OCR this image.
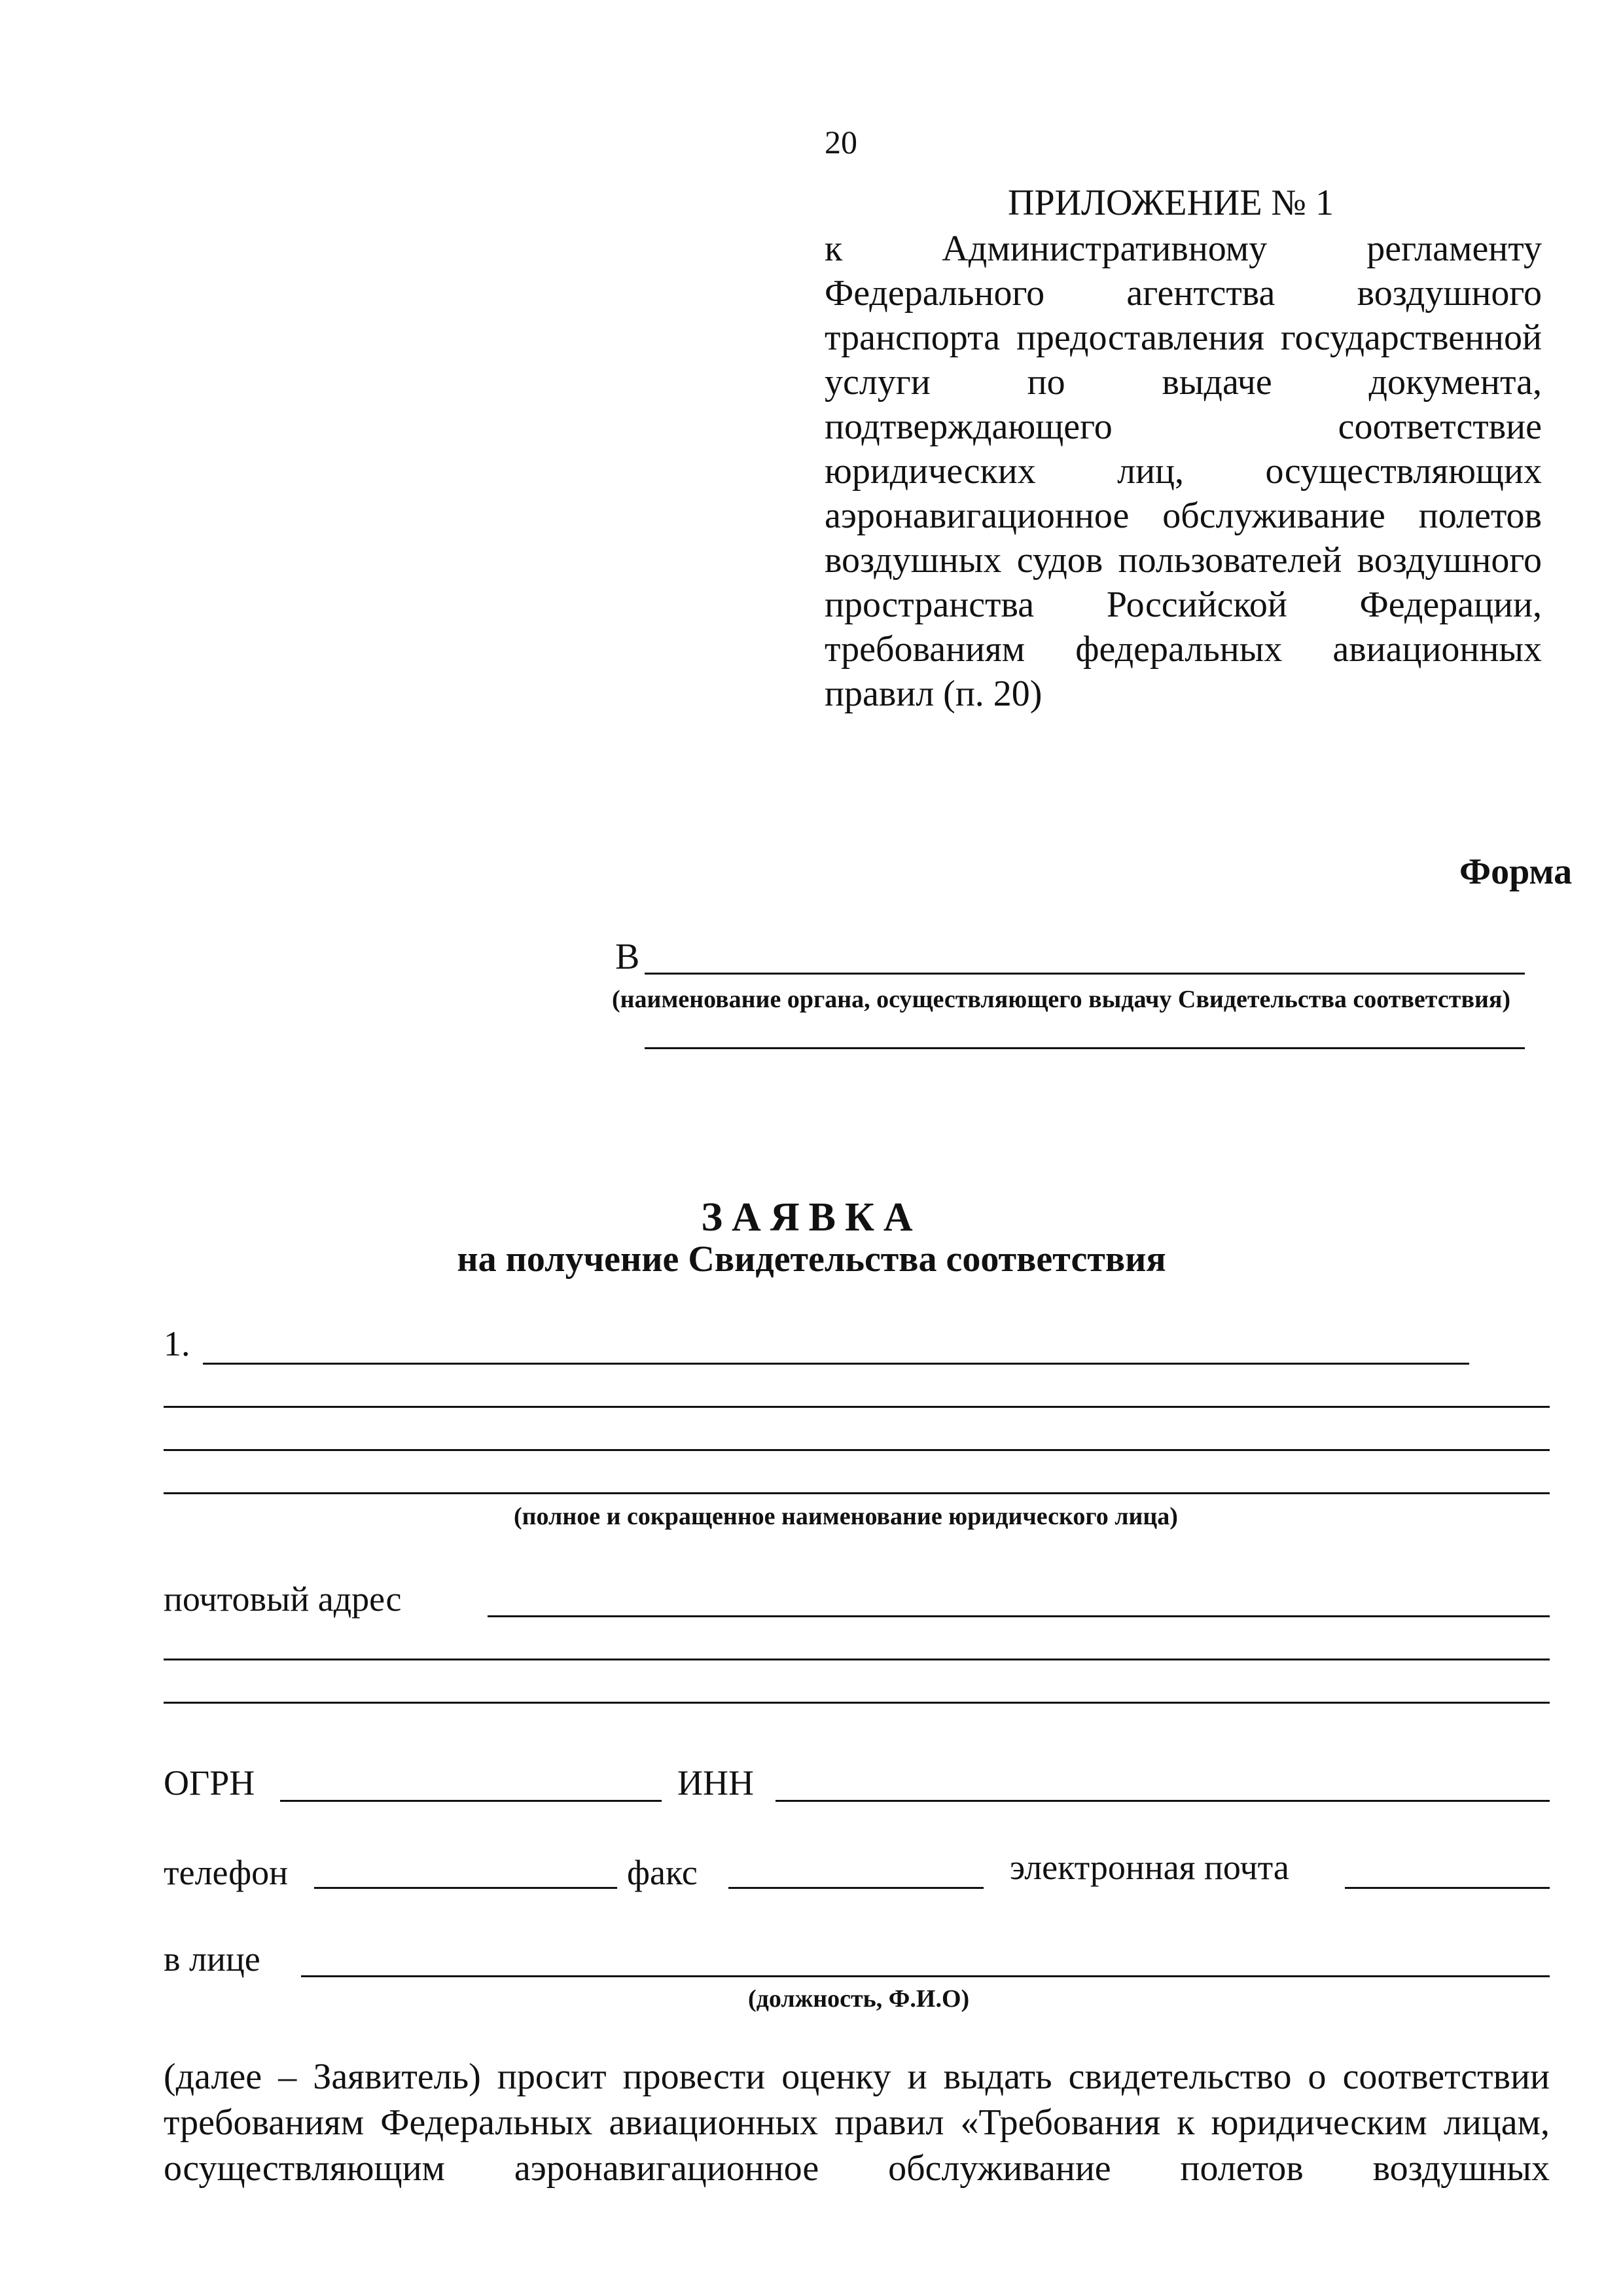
20
ПРИЛОЖЕНИЕ № 1
к Административному регламенту Федерального агентства воздушного транспорта предоставления государственной услуги по выдаче документа, подтверждающего соответствие юридических лиц, осуществляющих аэронавигационное обслуживание полетов воздушных судов пользователей воздушного пространства Российской Федерации, требованиям федеральных авиационных правил (п. 20)
Форма
В
(наименование органа, осуществляющего выдачу Свидетельства соответствия)
ЗАЯВКА
на получение Свидетельства соответствия
1.
(полное и сокращенное наименование юридического лица)
почтовый адрес
ОГРН	ИНН
телефон	факс	электронная почта
в лице
(должность, Ф.И.О)
(далее – Заявитель) просит провести оценку и выдать свидетельство о соответствии требованиям Федеральных авиационных правил «Требования к юридическим лицам, осуществляющим аэронавигационное обслуживание полетов воздушных
